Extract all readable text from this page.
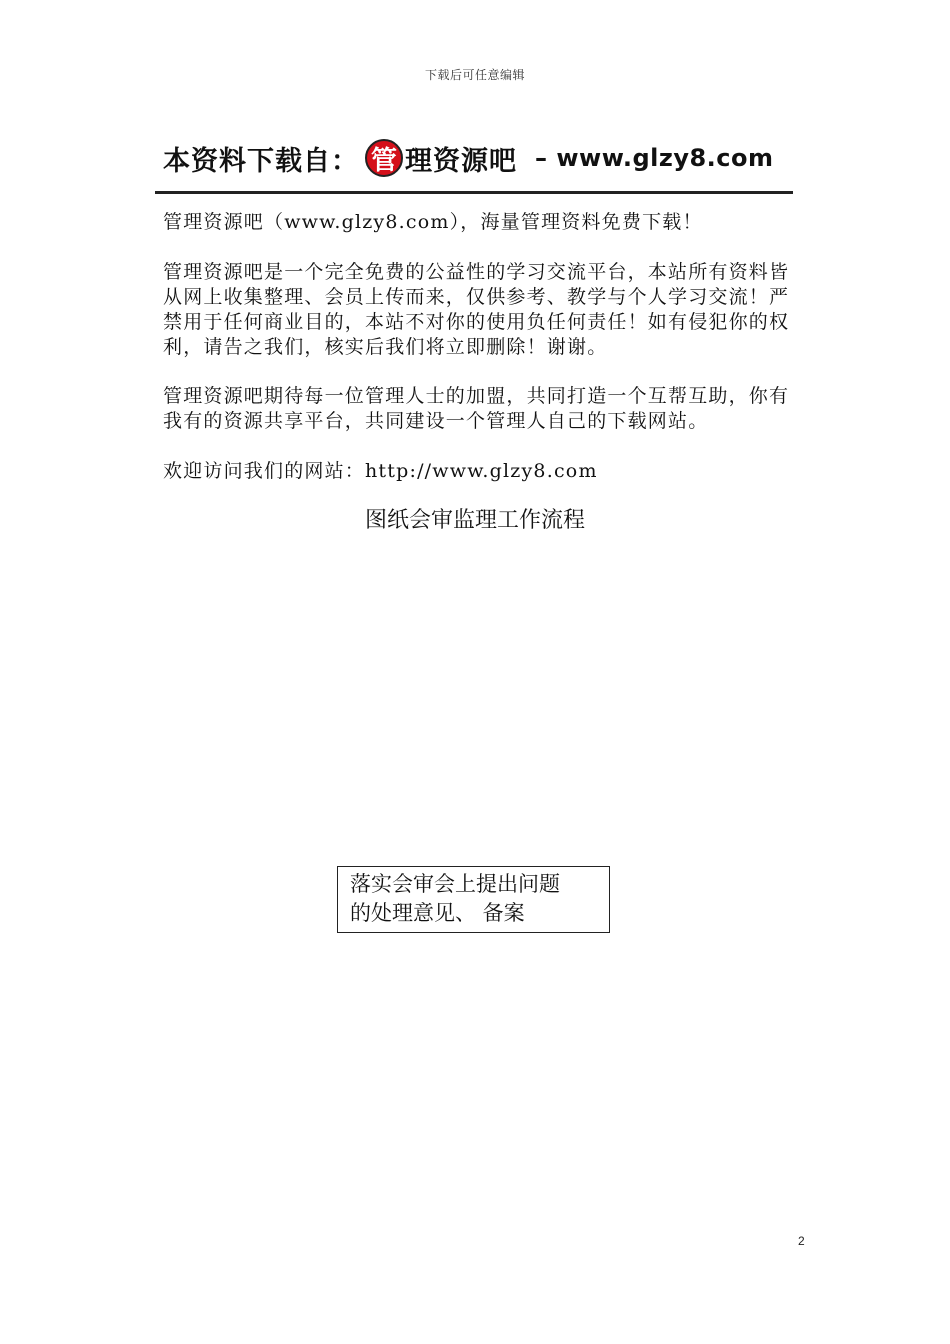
下载后可任意编辑
本资料下载自： 管 理资源吧 – www.glzy8.com
管理资源吧（www.glzy8.com），海量管理资料免费下载！
管理资源吧是一个完全免费的公益性的学习交流平台，本站所有资料皆从网上收集整理、会员上传而来，仅供参考、教学与个人学习交流！严禁用于任何商业目的，本站不对你的使用负任何责任！如有侵犯你的权利，请告之我们，核实后我们将立即删除！谢谢。
管理资源吧期待每一位管理人士的加盟，共同打造一个互帮互助，你有我有的资源共享平台，共同建设一个管理人自己的下载网站。
欢迎访问我们的网站：http://www.glzy8.com
图纸会审监理工作流程
落实会审会上提出问题
的处理意见、 备案
2
